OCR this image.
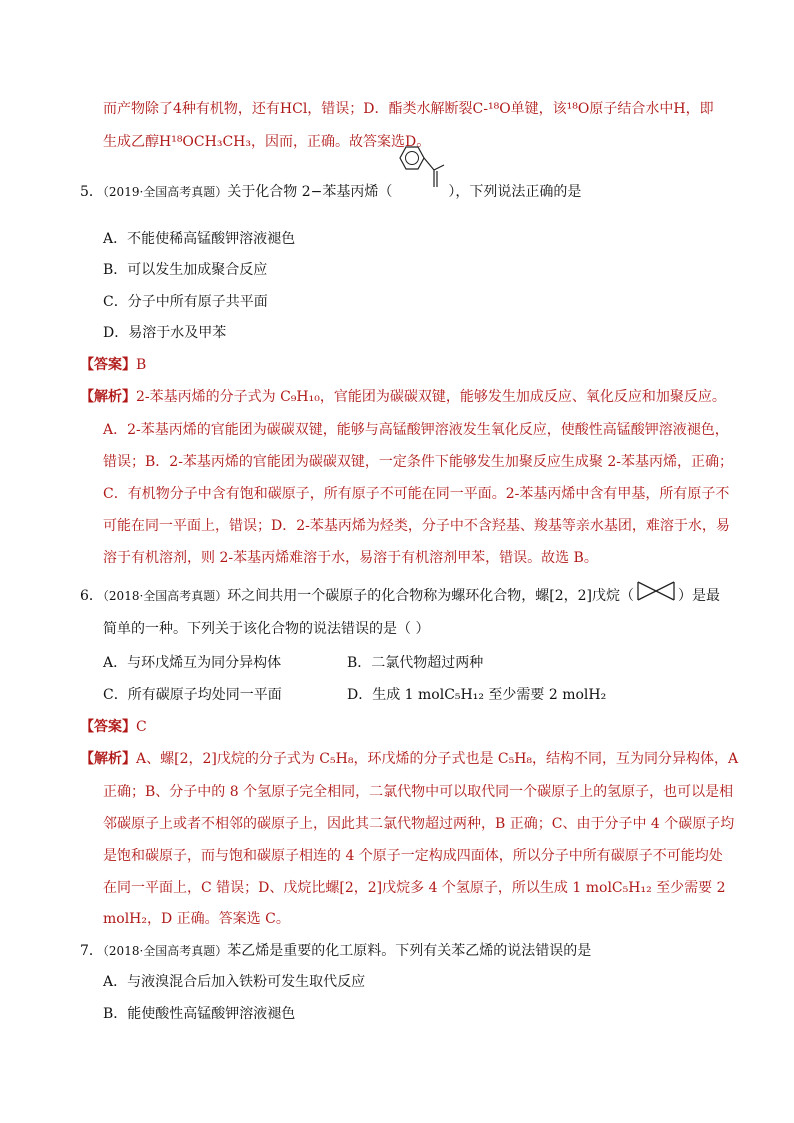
而产物除了4种有机物，还有HCl，错误；D．酯类水解断裂C-¹⁸O单键，该¹⁸O原子结合水中H，即
生成乙醇H¹⁸OCH₃CH₃，因而，正确。故答案选D。
5．（2019·全国高考真题）关于化合物 2−苯基丙烯（	），下列说法正确的是
A．不能使稀高锰酸钾溶液褪色
B．可以发生加成聚合反应
C．分子中所有原子共平面
D．易溶于水及甲苯
【答案】B
【解析】2-苯基丙烯的分子式为 C₉H₁₀，官能团为碳碳双键，能够发生加成反应、氧化反应和加聚反应。
A．2-苯基丙烯的官能团为碳碳双键，能够与高锰酸钾溶液发生氧化反应，使酸性高锰酸钾溶液褪色，
错误；B．2-苯基丙烯的官能团为碳碳双键，一定条件下能够发生加聚反应生成聚 2-苯基丙烯，正确；
C．有机物分子中含有饱和碳原子，所有原子不可能在同一平面。2-苯基丙烯中含有甲基，所有原子不
可能在同一平面上，错误；D．2-苯基丙烯为烃类，分子中不含羟基、羧基等亲水基团，难溶于水，易
溶于有机溶剂，则 2-苯基丙烯难溶于水，易溶于有机溶剂甲苯，错误。故选 B。
6．（2018·全国高考真题）环之间共用一个碳原子的化合物称为螺环化合物，螺[2，2]戊烷（	）是最
简单的一种。下列关于该化合物的说法错误的是（ ）
A．与环戊烯互为同分异构体	B．二氯代物超过两种
C．所有碳原子均处同一平面	D．生成 1 molC₅H₁₂ 至少需要 2 molH₂
【答案】C
【解析】A、螺[2，2]戊烷的分子式为 C₅H₈，环戊烯的分子式也是 C₅H₈，结构不同，互为同分异构体，A
正确；B、分子中的 8 个氢原子完全相同，二氯代物中可以取代同一个碳原子上的氢原子，也可以是相
邻碳原子上或者不相邻的碳原子上，因此其二氯代物超过两种，B 正确；C、由于分子中 4 个碳原子均
是饱和碳原子，而与饱和碳原子相连的 4 个原子一定构成四面体，所以分子中所有碳原子不可能均处
在同一平面上，C 错误；D、戊烷比螺[2，2]戊烷多 4 个氢原子，所以生成 1 molC₅H₁₂ 至少需要 2
molH₂，D 正确。答案选 C。
7．（2018·全国高考真题）苯乙烯是重要的化工原料。下列有关苯乙烯的说法错误的是
A．与液溴混合后加入铁粉可发生取代反应
B．能使酸性高锰酸钾溶液褪色
